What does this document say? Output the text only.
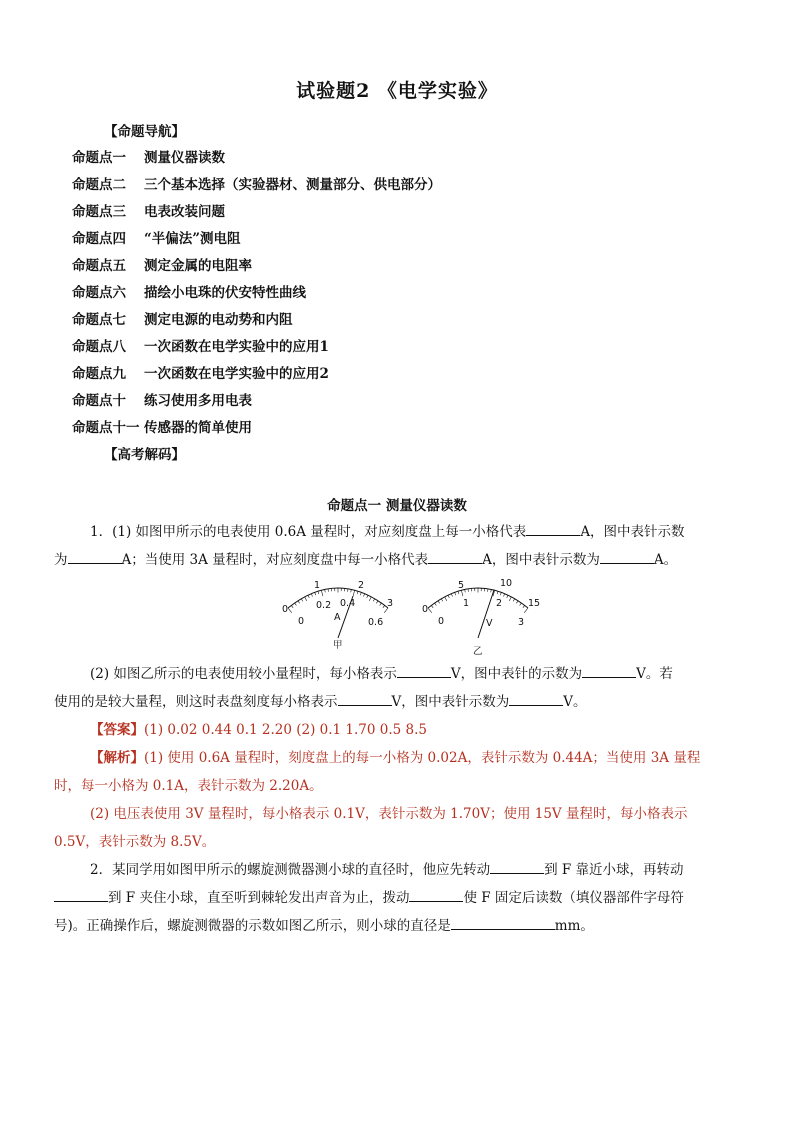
试验题2 《电学实验》
【命题导航】
命题点一 测量仪器读数
命题点二 三个基本选择（实验器材、测量部分、供电部分）
命题点三 电表改装问题
命题点四 “半偏法”测电阻
命题点五 测定金属的电阻率
命题点六 描绘小电珠的伏安特性曲线
命题点七 测定电源的电动势和内阻
命题点八 一次函数在电学实验中的应用1
命题点九 一次函数在电学实验中的应用2
命题点十 练习使用多用电表
命题点十一 传感器的简单使用
【高考解码】
命题点一 测量仪器读数
1．(1) 如图甲所示的电表使用 0.6A 量程时，对应刻度盘上每一小格代表	A，图中表针示数
为	A；当使用 3A 量程时，对应刻度盘中每一小格代表	A，图中表针示数为	A。
0
1	2
3
0
0.2 0.4
0.6
A
甲
0
5	10
15
0
1	2
3
V
乙
(2) 如图乙所示的电表使用较小量程时，每小格表示	V，图中表针的示数为	V。若
使用的是较大量程，则这时表盘刻度每小格表示	V，图中表针示数为	V。
【答案】(1) 0.02 0.44 0.1 2.20 (2) 0.1 1.70 0.5 8.5
【解析】(1) 使用 0.6A 量程时，刻度盘上的每一小格为 0.02A，表针示数为 0.44A；当使用 3A 量程
时，每一小格为 0.1A，表针示数为 2.20A。
(2) 电压表使用 3V 量程时，每小格表示 0.1V，表针示数为 1.70V；使用 15V 量程时，每小格表示
0.5V，表针示数为 8.5V。
2．某同学用如图甲所示的螺旋测微器测小球的直径时，他应先转动	到 F 靠近小球，再转动
到 F 夹住小球，直至听到棘轮发出声音为止，拨动	使 F 固定后读数（填仪器部件字母符
号)。正确操作后，螺旋测微器的示数如图乙所示，则小球的直径是	mm。
